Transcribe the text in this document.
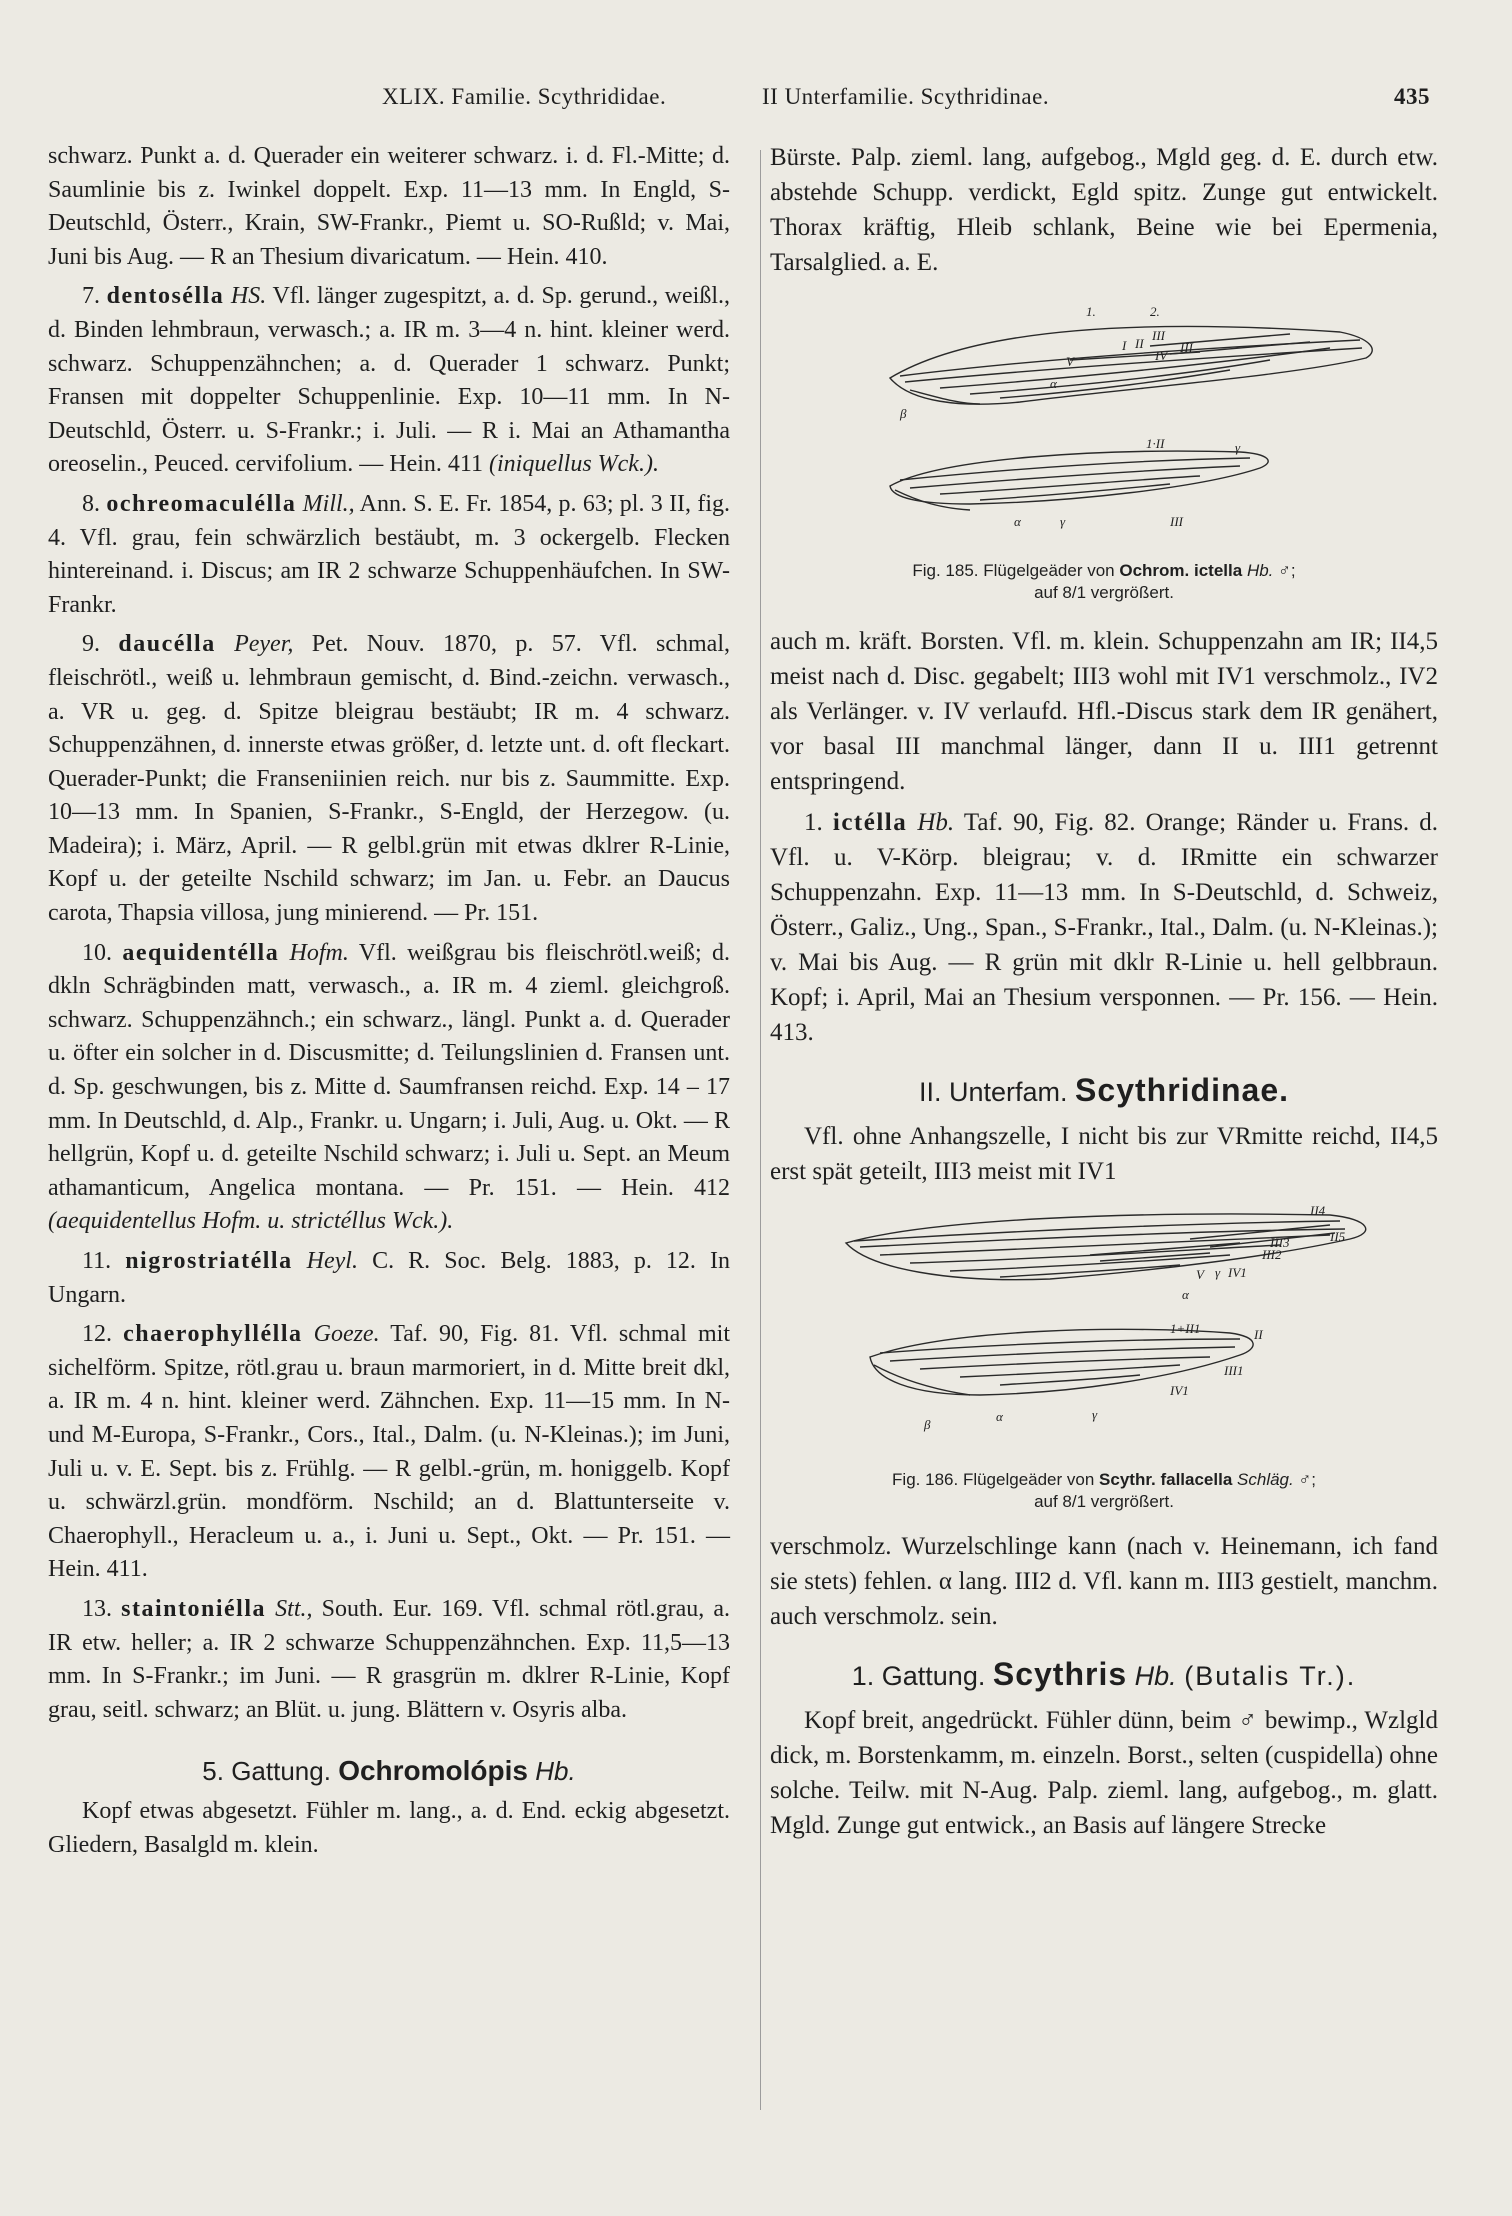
XLIX. Familie. Scythrididae.	II Unterfamilie. Scythridinae.	435

schwarz. Punkt a. d. Querader ein weiterer schwarz. i. d. Fl.-Mitte; d. Saumlinie bis z. Iwinkel doppelt. Exp. 11—13 mm. In Engld, S-Deutschld, Österr., Krain, SW-Frankr., Piemt u. SO-Rußld; v. Mai, Juni bis Aug. — R an Thesium divaricatum. — Hein. 410.

7. dentosélla HS. Vfl. länger zugespitzt, a. d. Sp. gerund., weißl., d. Binden lehmbraun, verwasch.; a. IR m. 3—4 n. hint. kleiner werd. schwarz. Schuppenzähnchen; a. d. Querader 1 schwarz. Punkt; Fransen mit doppelter Schuppenlinie. Exp. 10—11 mm. In N-Deutschld, Österr. u. S-Frankr.; i. Juli. — R i. Mai an Athamantha oreoselin., Peuced. cervifolium. — Hein. 411 (iniquellus Wck.).

8. ochreomaculélla Mill., Ann. S. E. Fr. 1854, p. 63; pl. 3 II, fig. 4. Vfl. grau, fein schwärzlich bestäubt, m. 3 ockergelb. Flecken hintereinand. i. Discus; am IR 2 schwarze Schuppenhäufchen. In SW-Frankr.

9. daucélla Peyer, Pet. Nouv. 1870, p. 57. Vfl. schmal, fleischrötl., weiß u. lehmbraun gemischt, d. Bind.-zeichn. verwasch., a. VR u. geg. d. Spitze bleigrau bestäubt; IR m. 4 schwarz. Schuppenzähnen, d. innerste etwas größer, d. letzte unt. d. oft fleckart. Querader-Punkt; die Franseniinien reich. nur bis z. Saummitte. Exp. 10—13 mm. In Spanien, S-Frankr., S-Engld, der Herzegow. (u. Madeira); i. März, April. — R gelbl.grün mit etwas dklrer R-Linie, Kopf u. der geteilte Nschild schwarz; im Jan. u. Febr. an Daucus carota, Thapsia villosa, jung minierend. — Pr. 151.

10. aequidentélla Hofm. Vfl. weißgrau bis fleischrötl.weiß; d. dkln Schrägbinden matt, verwasch., a. IR m. 4 zieml. gleichgroß. schwarz. Schuppenzähnch.; ein schwarz., längl. Punkt a. d. Querader u. öfter ein solcher in d. Discusmitte; d. Teilungslinien d. Fransen unt. d. Sp. geschwungen, bis z. Mitte d. Saumfransen reichd. Exp. 14 – 17 mm. In Deutschld, d. Alp., Frankr. u. Ungarn; i. Juli, Aug. u. Okt. — R hellgrün, Kopf u. d. geteilte Nschild schwarz; i. Juli u. Sept. an Meum athamanticum, Angelica montana. — Pr. 151. — Hein. 412 (aequidentellus Hofm. u. strictéllus Wck.).

11. nigrostriatélla Heyl. C. R. Soc. Belg. 1883, p. 12. In Ungarn.

12. chaerophyllélla Goeze. Taf. 90, Fig. 81. Vfl. schmal mit sichelförm. Spitze, rötl.grau u. braun marmoriert, in d. Mitte breit dkl, a. IR m. 4 n. hint. kleiner werd. Zähnchen. Exp. 11—15 mm. In N- und M-Europa, S-Frankr., Cors., Ital., Dalm. (u. N-Kleinas.); im Juni, Juli u. v. E. Sept. bis z. Frühlg. — R gelbl.-grün, m. honiggelb. Kopf u. schwärzl.grün. mondförm. Nschild; an d. Blattunterseite v. Chaerophyll., Heracleum u. a., i. Juni u. Sept., Okt. — Pr. 151. — Hein. 411.

13. staintoniélla Stt., South. Eur. 169. Vfl. schmal rötl.grau, a. IR etw. heller; a. IR 2 schwarze Schuppenzähnchen. Exp. 11,5—13 mm. In S-Frankr.; im Juni. — R grasgrün m. dklrer R-Linie, Kopf grau, seitl. schwarz; an Blüt. u. jung. Blättern v. Osyris alba.

5. Gattung. Ochromolópis Hb.

Kopf etwas abgesetzt. Fühler m. lang., a. d. End. eckig abgesetzt. Gliedern, Basalgld m. klein.

Bürste. Palp. zieml. lang, aufgebog., Mgld geg. d. E. durch etw. abstehde Schupp. verdickt, Egld spitz. Zunge gut entwickelt. Thorax kräftig, Hleib schlank, Beine wie bei Epermenia, Tarsalglied. a. E.

1.	2.
I II
III
IV
V
III
α
β
1·II	γ
α	γ	III
Fig. 185. Flügelgeäder von Ochrom. ictella Hb. ♂;
auf 8/1 vergrößert.

auch m. kräft. Borsten. Vfl. m. klein. Schuppenzahn am IR; II4,5 meist nach d. Disc. gegabelt; III3 wohl mit IV1 verschmolz., IV2 als Verlänger. v. IV verlaufd. Hfl.-Discus stark dem IR genähert, vor basal III manchmal länger, dann II u. III1 getrennt entspringend.

1. ictélla Hb. Taf. 90, Fig. 82. Orange; Ränder u. Frans. d. Vfl. u. V-Körp. bleigrau; v. d. IRmitte ein schwarzer Schuppenzahn. Exp. 11—13 mm. In S-Deutschld, d. Schweiz, Österr., Galiz., Ung., Span., S-Frankr., Ital., Dalm. (u. N-Kleinas.); v. Mai bis Aug. — R grün mit dklr R-Linie u. hell gelbbraun. Kopf; i. April, Mai an Thesium versponnen. — Pr. 156. — Hein. 413.

II. Unterfam. Scythridinae.

Vfl. ohne Anhangszelle, I nicht bis zur VRmitte reichd, II4,5 erst spät geteilt, III3 meist mit IV1

II4
II5
III3
III2
IV1
V γ
α
1+II1	II
III1
IV1
β
α	γ
Fig. 186. Flügelgeäder von Scythr. fallacella Schläg. ♂;
auf 8/1 vergrößert.

verschmolz. Wurzelschlinge kann (nach v. Heinemann, ich fand sie stets) fehlen. α lang. III2 d. Vfl. kann m. III3 gestielt, manchm. auch verschmolz. sein.

1. Gattung. Scythris Hb. (Butalis Tr.).

Kopf breit, angedrückt. Fühler dünn, beim ♂ bewimp., Wzlgld dick, m. Borstenkamm, m. einzeln. Borst., selten (cuspidella) ohne solche. Teilw. mit N-Aug. Palp. zieml. lang, aufgebog., m. glatt. Mgld. Zunge gut entwick., an Basis auf längere Strecke
